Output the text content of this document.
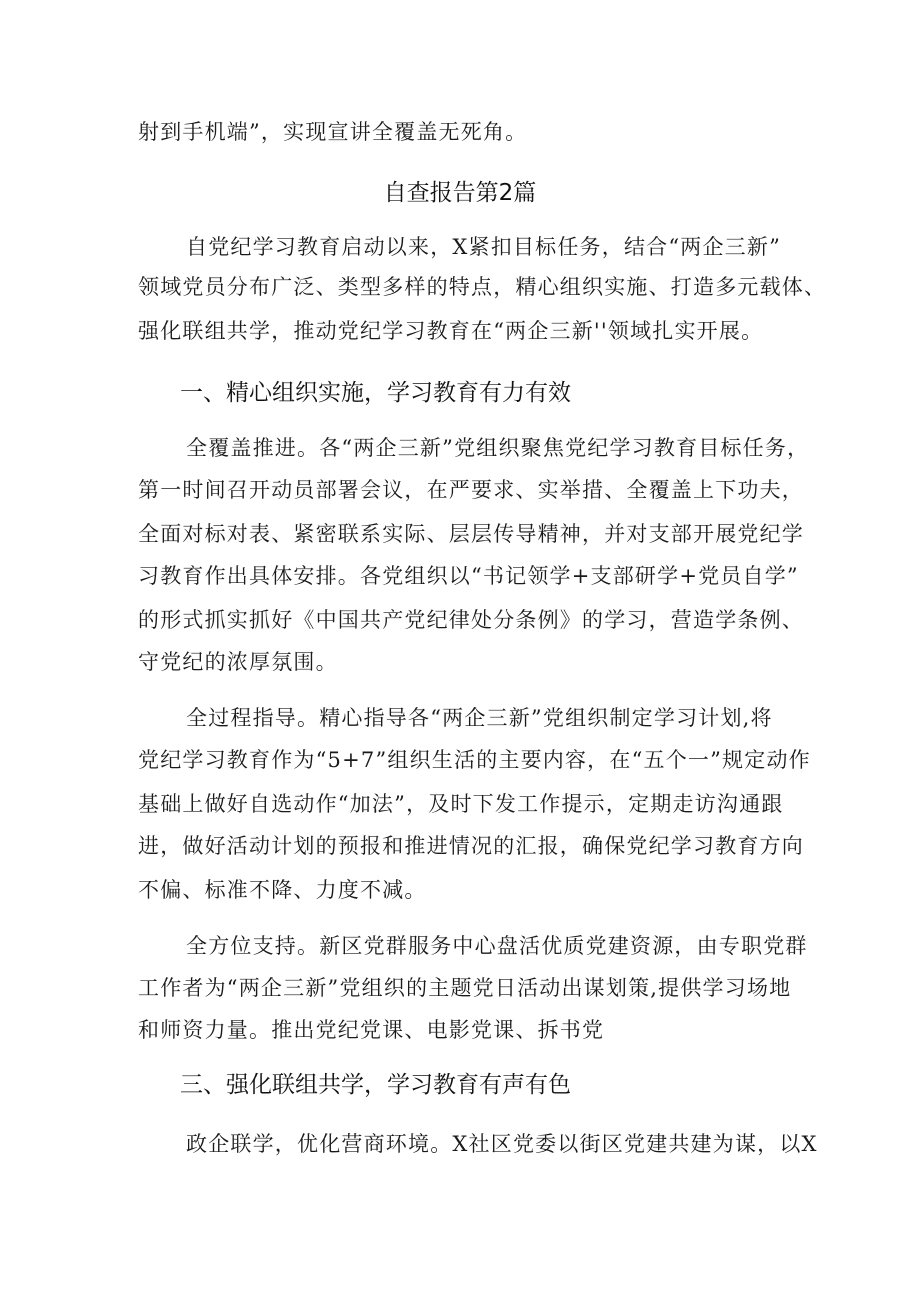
射到手机端”，实现宣讲全覆盖无死角。
自查报告第2篇
自党纪学习教育启动以来，X紧扣目标任务，结合“两企三新”
领域党员分布广泛、类型多样的特点，精心组织实施、打造多元载体、
强化联组共学，推动党纪学习教育在“两企三新''领域扎实开展。
一、精心组织实施，学习教育有力有效
全覆盖推进。各“两企三新”党组织聚焦党纪学习教育目标任务，
第一时间召开动员部署会议，在严要求、实举措、全覆盖上下功夫，
全面对标对表、紧密联系实际、层层传导精神，并对支部开展党纪学
习教育作出具体安排。各党组织以“书记领学+支部研学+党员自学”
的形式抓实抓好《中国共产党纪律处分条例》的学习，营造学条例、
守党纪的浓厚氛围。
全过程指导。精心指导各“两企三新”党组织制定学习计划,将
党纪学习教育作为“5+7”组织生活的主要内容，在“五个一”规定动作
基础上做好自选动作“加法”，及时下发工作提示，定期走访沟通跟
进，做好活动计划的预报和推进情况的汇报，确保党纪学习教育方向
不偏、标准不降、力度不减。
全方位支持。新区党群服务中心盘活优质党建资源，由专职党群
工作者为“两企三新”党组织的主题党日活动出谋划策,提供学习场地
和师资力量。推出党纪党课、电影党课、拆书党
三、强化联组共学，学习教育有声有色
政企联学，优化营商环境。X社区党委以街区党建共建为谋，以X
